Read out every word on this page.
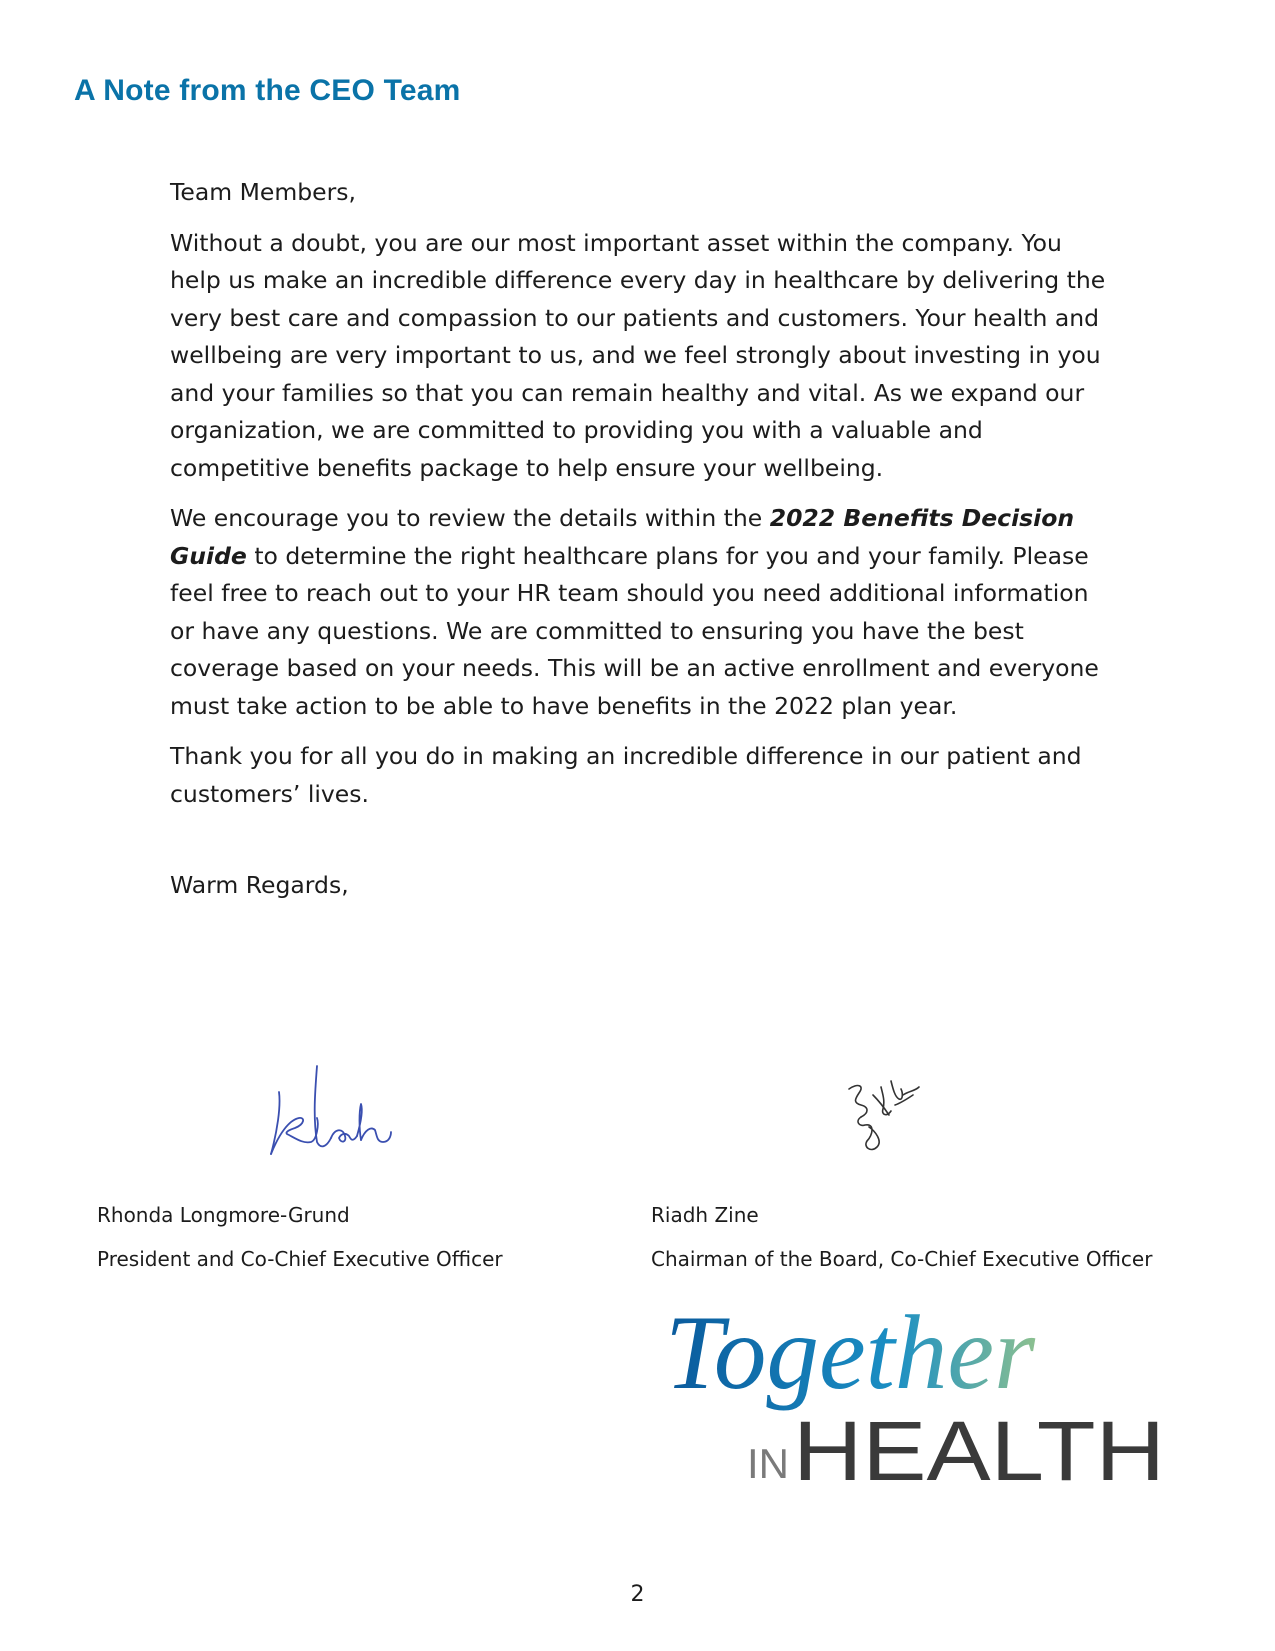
A Note from the CEO Team

Team Members,

Without a doubt, you are our most important asset within the company. You help us make an incredible difference every day in healthcare by delivering the very best care and compassion to our patients and customers. Your health and wellbeing are very important to us, and we feel strongly about investing in you and your families so that you can remain healthy and vital. As we expand our organization, we are committed to providing you with a valuable and competitive benefits package to help ensure your wellbeing.

We encourage you to review the details within the 2022 Benefits Decision Guide to determine the right healthcare plans for you and your family. Please feel free to reach out to your HR team should you need additional information or have any questions. We are committed to ensuring you have the best coverage based on your needs. This will be an active enrollment and everyone must take action to be able to have benefits in the 2022 plan year.

Thank you for all you do in making an incredible difference in our patient and customers’ lives.

Warm Regards,
Rhonda Longmore-Grund
President and Co-Chief Executive Officer
Riadh Zine
Chairman of the Board, Co-Chief Executive Officer
Together
IN HEALTH
2
